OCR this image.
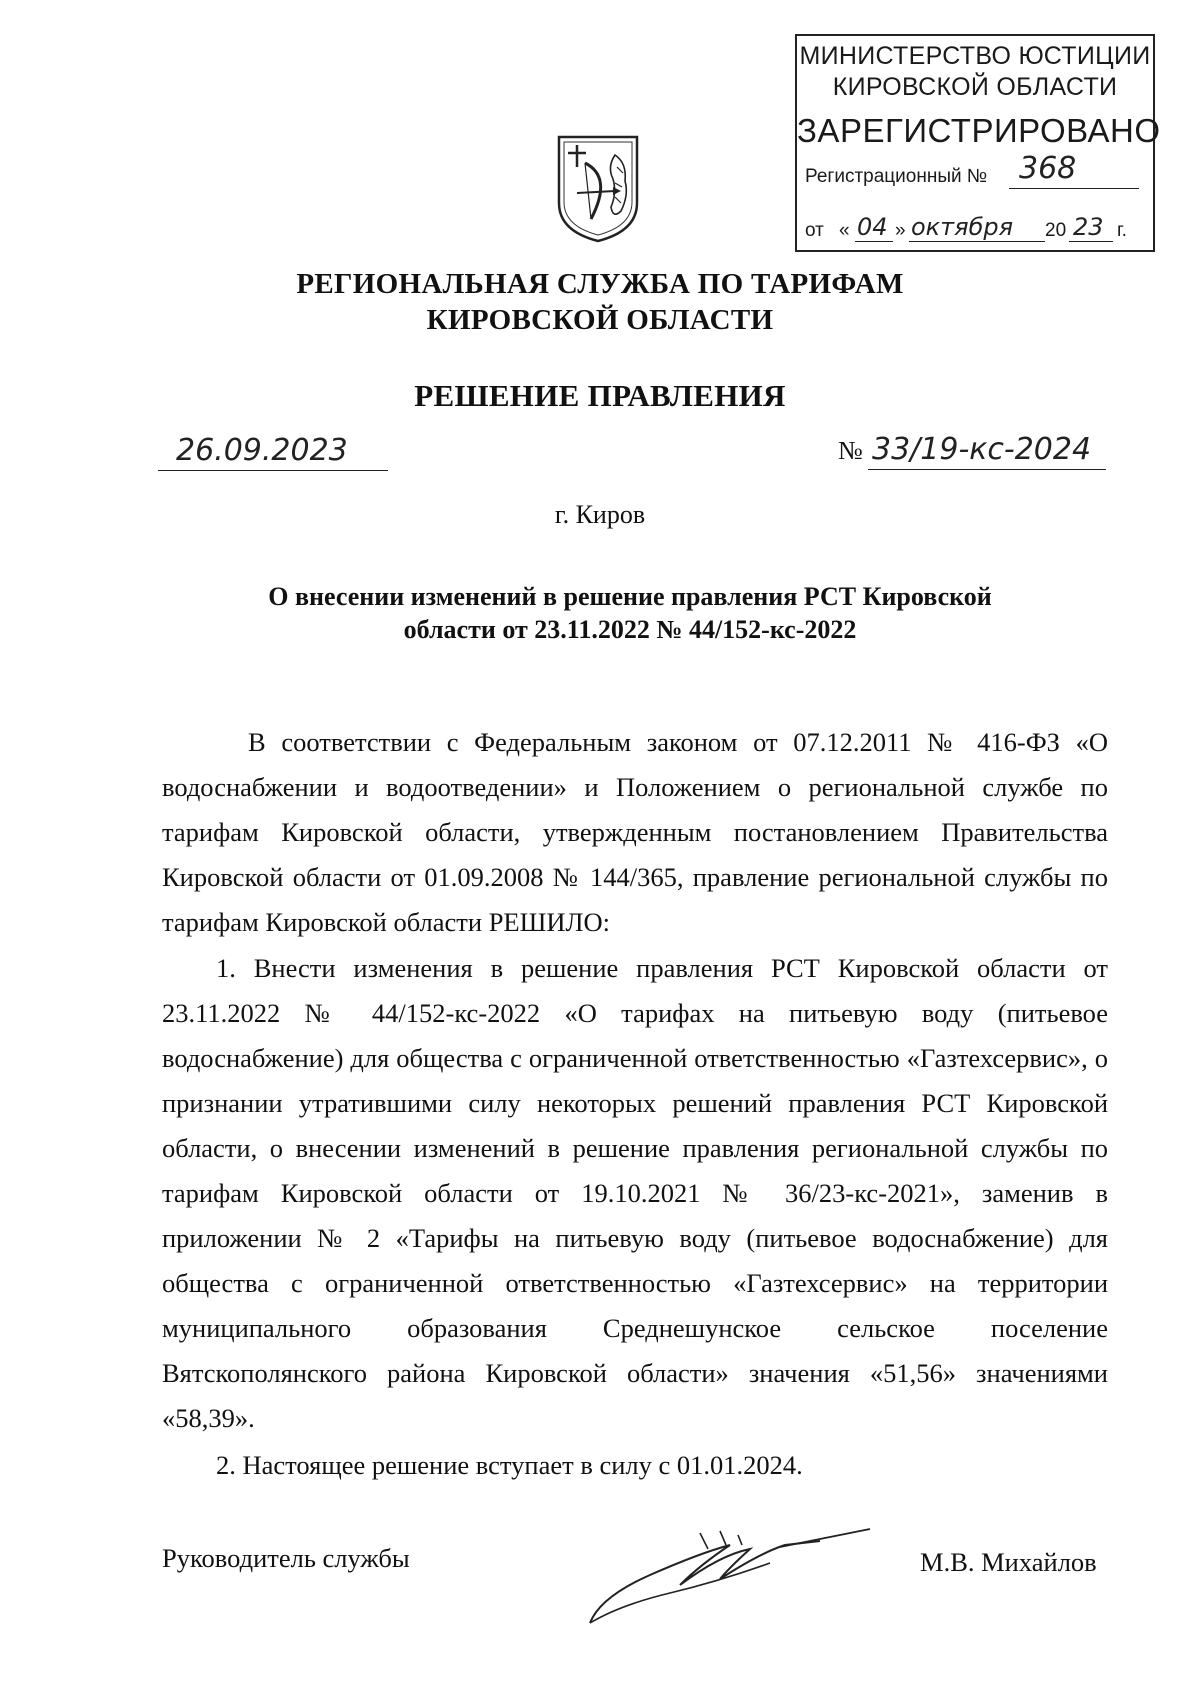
МИНИСТЕРСТВО ЮСТИЦИИ
КИРОВСКОЙ ОБЛАСТИ
ЗАРЕГИСТРИРОВАНО
Регистрационный № 368
от « 04 » октября 20 23 г.
РЕГИОНАЛЬНАЯ СЛУЖБА ПО ТАРИФАМ
КИРОВСКОЙ ОБЛАСТИ
РЕШЕНИЕ ПРАВЛЕНИЯ
26.09.2023	№ 33/19-кс-2024
г. Киров
О внесении изменений в решение правления РСТ Кировской
области от 23.11.2022 № 44/152-кс-2022
В соответствии с Федеральным законом от 07.12.2011 № 416-ФЗ «О водоснабжении и водоотведении» и Положением о региональной службе по тарифам Кировской области, утвержденным постановлением Правительства Кировской области от 01.09.2008 № 144/365, правление региональной службы по тарифам Кировской области РЕШИЛО:
1. Внести изменения в решение правления РСТ Кировской области от 23.11.2022 № 44/152-кс-2022 «О тарифах на питьевую воду (питьевое водоснабжение) для общества с ограниченной ответственностью «Газтехсервис», о признании утратившими силу некоторых решений правления РСТ Кировской области, о внесении изменений в решение правления региональной службы по тарифам Кировской области от 19.10.2021 № 36/23-кс-2021», заменив в приложении № 2 «Тарифы на питьевую воду (питьевое водоснабжение) для общества с ограниченной ответственностью «Газтехсервис» на территории муниципального образования Среднешунское сельское поселение Вятскополянского района Кировской области» значения «51,56» значениями «58,39».
2. Настоящее решение вступает в силу с 01.01.2024.
Руководитель службы	М.В. Михайлов
